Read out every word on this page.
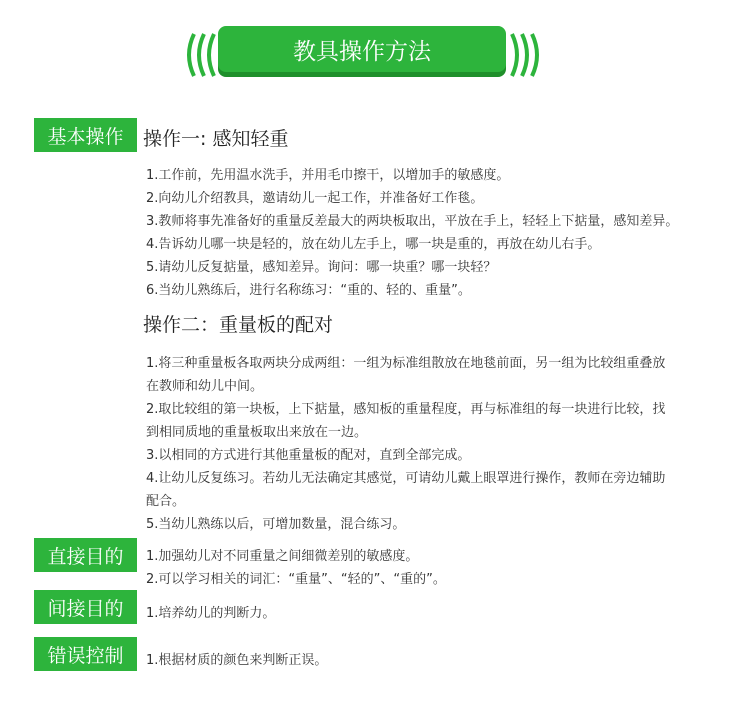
教具操作方法
基本操作	操作一: 感知轻重
1.工作前，先用温水洗手，并用毛巾擦干，以增加手的敏感度。
2.向幼儿介绍教具，邀请幼儿一起工作，并准备好工作毯。
3.教师将事先准备好的重量反差最大的两块板取出，平放在手上，轻轻上下掂量，感知差异。
4.告诉幼儿哪一块是轻的，放在幼儿左手上，哪一块是重的，再放在幼儿右手。
5.请幼儿反复掂量，感知差异。询问：哪一块重？哪一块轻？
6.当幼儿熟练后，进行名称练习：“重的、轻的、重量”。
操作二：重量板的配对
1.将三种重量板各取两块分成两组：一组为标准组散放在地毯前面，另一组为比较组重叠放
在教师和幼儿中间。
2.取比较组的第一块板，上下掂量，感知板的重量程度，再与标准组的每一块进行比较，找
到相同质地的重量板取出来放在一边。
3.以相同的方式进行其他重量板的配对，直到全部完成。
4.让幼儿反复练习。若幼儿无法确定其感觉，可请幼儿戴上眼罩进行操作，教师在旁边辅助
配合。
5.当幼儿熟练以后，可增加数量，混合练习。
直接目的	1.加强幼儿对不同重量之间细微差别的敏感度。
2.可以学习相关的词汇：“重量”、“轻的”、“重的”。
间接目的	1.培养幼儿的判断力。
错误控制	1.根据材质的颜色来判断正误。
